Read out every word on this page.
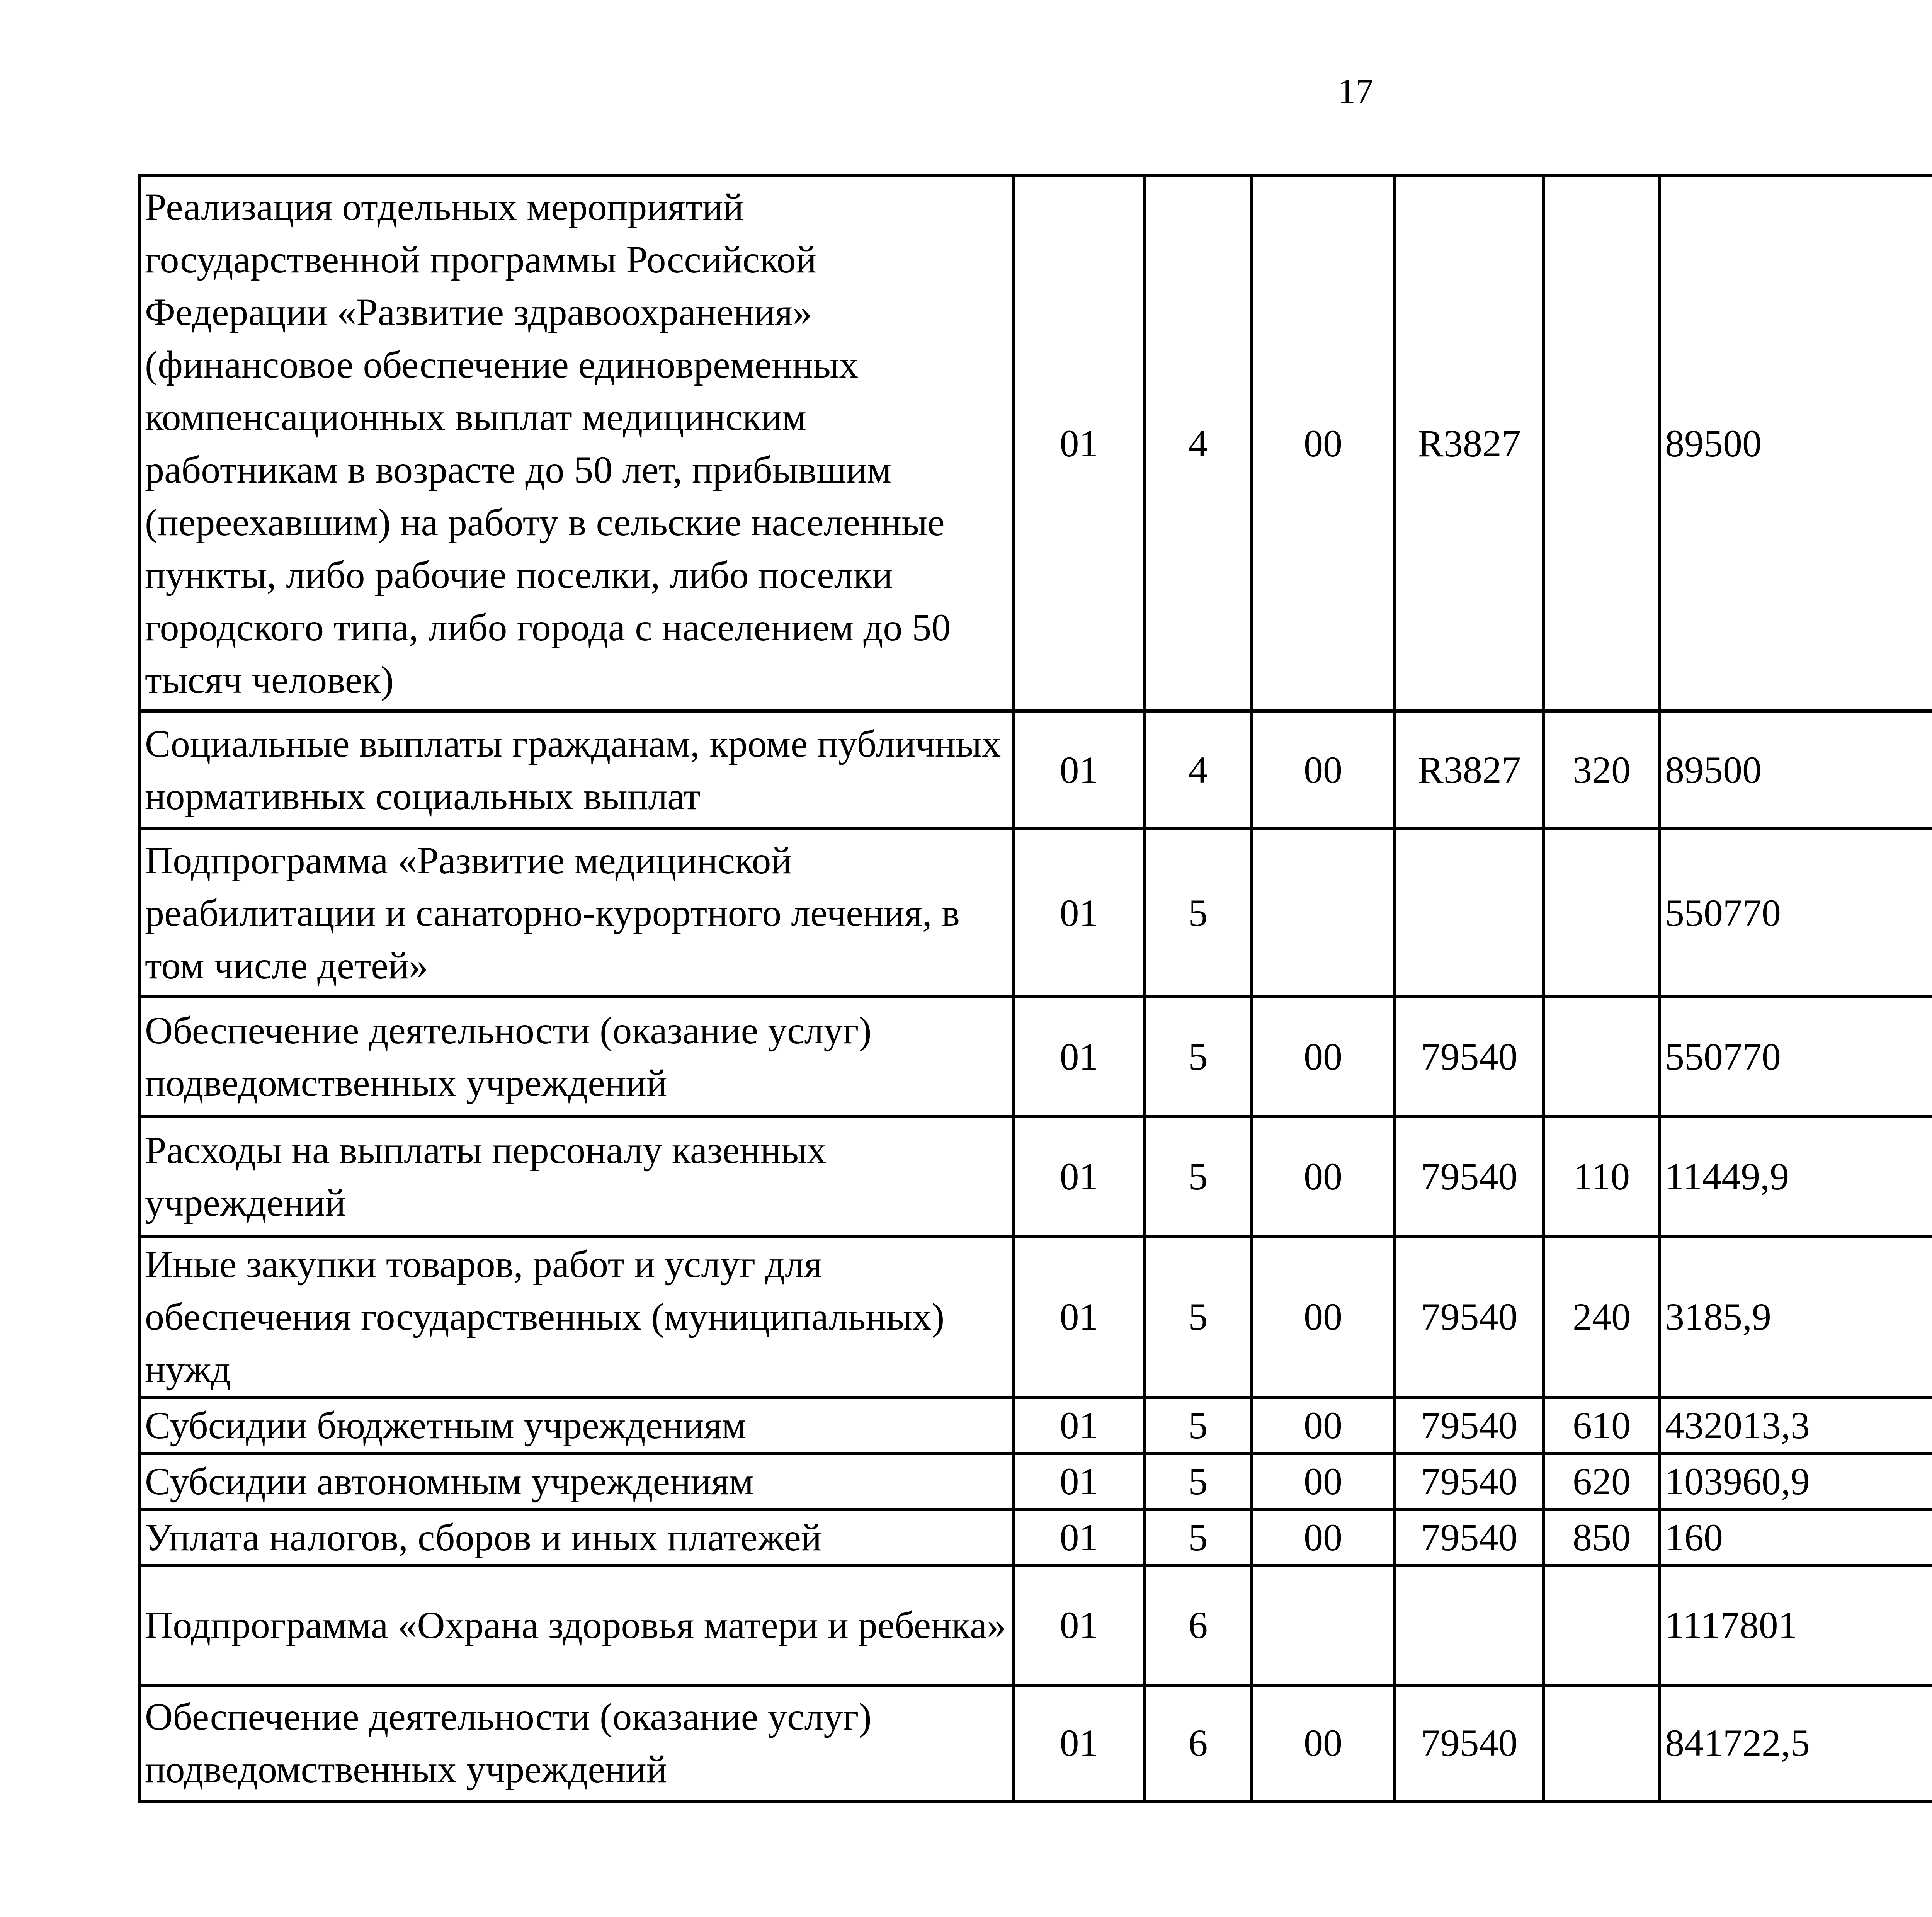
17
Реализация отдельных мероприятий государственной программы Российской Федерации «Развитие здравоохранения» (финансовое обеспечение единовременных компенсационных выплат медицинским работникам в возрасте до 50 лет, прибывшим (переехавшим) на работу в сельские населенные пункты, либо рабочие поселки, либо поселки городского типа, либо города с населением до 50 тысяч человек)	01	4	00	R3827		89500		
Социальные выплаты гражданам, кроме публичных нормативных социальных выплат	01	4	00	R3827	320	89500		
Подпрограмма «Развитие медицинской реабилитации и санаторно-курортного лечения, в том числе детей»	01	5				550770		
Обеспечение деятельности (оказание услуг) подведомственных учреждений	01	5	00	79540		550770		
Расходы на выплаты персоналу казенных учреждений	01	5	00	79540	110	11449,9		
Иные закупки товаров, работ и услуг для обеспечения государственных (муниципальных) нужд	01	5	00	79540	240	3185,9		
Субсидии бюджетным учреждениям	01	5	00	79540	610	432013,3		
Субсидии автономным учреждениям	01	5	00	79540	620	103960,9		
Уплата налогов, сборов и иных платежей	01	5	00	79540	850	160		
Подпрограмма «Охрана здоровья матери и ребенка»	01	6				1117801		
Обеспечение деятельности (оказание услуг) подведомственных учреждений	01	6	00	79540		841722,5		
